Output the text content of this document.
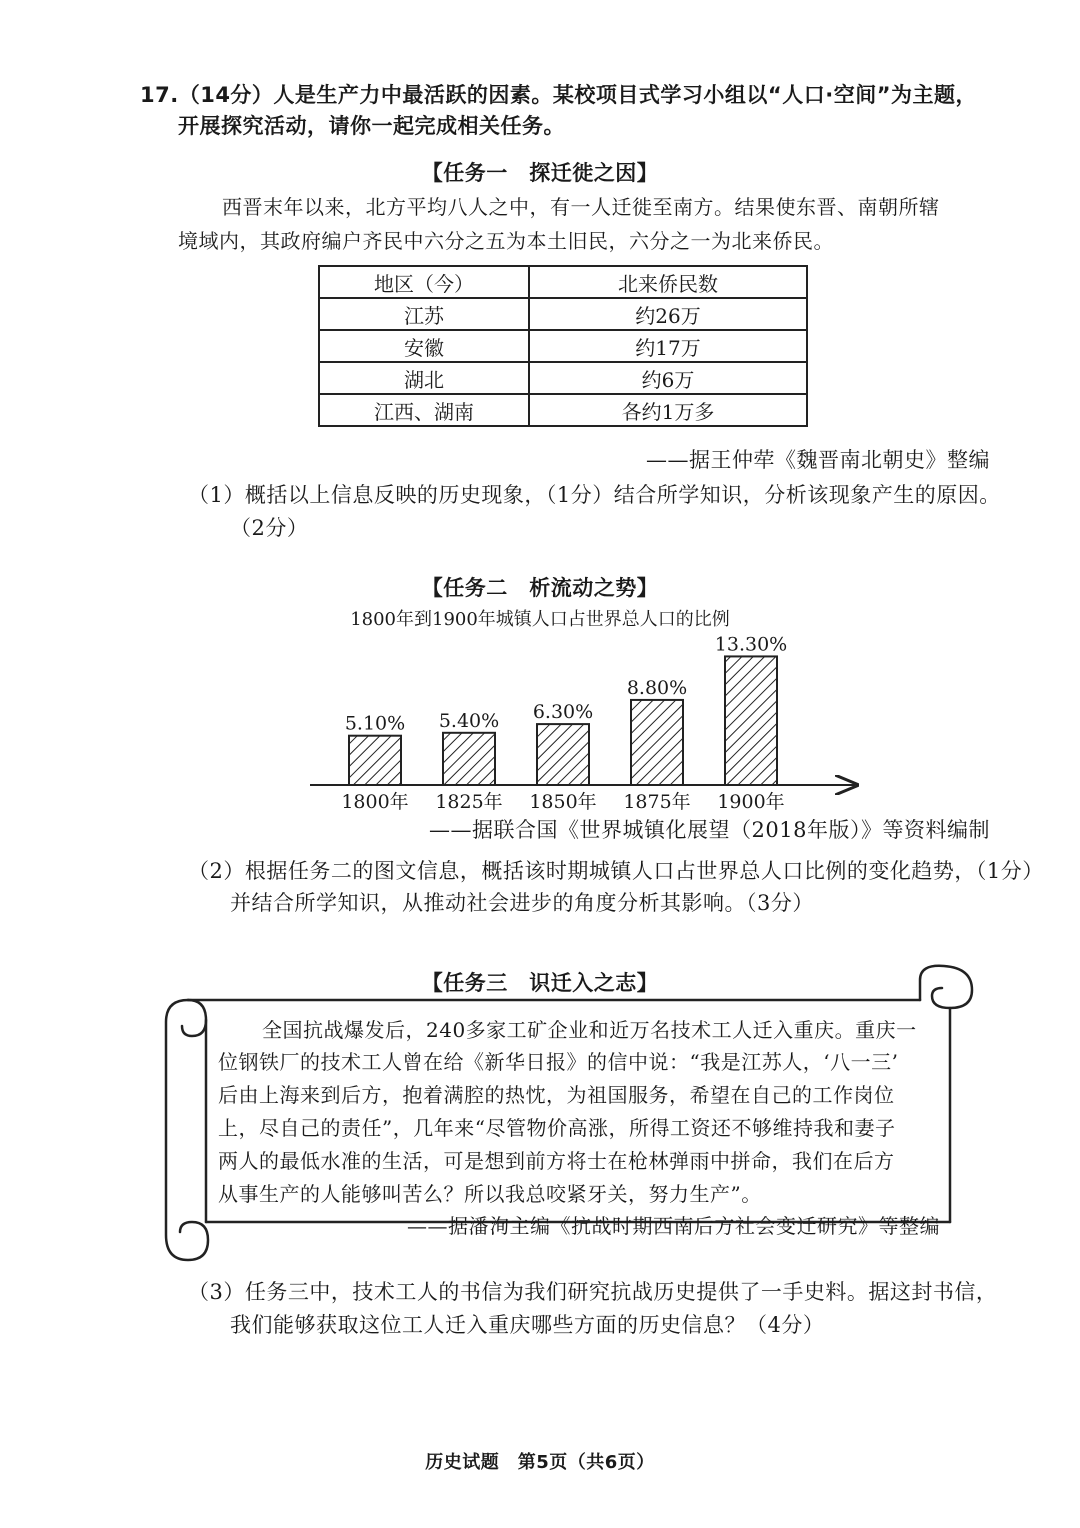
17.（14分）人是生产力中最活跃的因素。某校项目式学习小组以“人口·空间”为主题，
开展探究活动，请你一起完成相关任务。
【任务一　探迁徙之因】
西晋末年以来，北方平均八人之中，有一人迁徙至南方。结果使东晋、南朝所辖
境域内，其政府编户齐民中六分之五为本土旧民，六分之一为北来侨民。
地区（今）	北来侨民数
江苏	约26万
安徽	约17万
湖北	约6万
江西、湖南	各约1万多
——据王仲荦《魏晋南北朝史》整编
（1）概括以上信息反映的历史现象，（1分）结合所学知识，分析该现象产生的原因。
（2分）
【任务二　析流动之势】
1800年到1900年城镇人口占世界总人口的比例
5.10%
1800年
5.40%
1825年
6.30%
1850年
8.80%
1875年
13.30%
1900年
——据联合国《世界城镇化展望（2018年版）》等资料编制
（2）根据任务二的图文信息，概括该时期城镇人口占世界总人口比例的变化趋势，（1分）
并结合所学知识，从推动社会进步的角度分析其影响。（3分）
【任务三　识迁入之志】
全国抗战爆发后，240多家工矿企业和近万名技术工人迁入重庆。重庆一
位钢铁厂的技术工人曾在给《新华日报》的信中说：“我是江苏人，‘八一三’
后由上海来到后方，抱着满腔的热忱，为祖国服务，希望在自己的工作岗位
上，尽自己的责任”，几年来“尽管物价高涨，所得工资还不够维持我和妻子
两人的最低水准的生活，可是想到前方将士在枪林弹雨中拼命，我们在后方
从事生产的人能够叫苦么？所以我总咬紧牙关，努力生产”。
——据潘洵主编《抗战时期西南后方社会变迁研究》等整编
（3）任务三中，技术工人的书信为我们研究抗战历史提供了一手史料。据这封书信，
我们能够获取这位工人迁入重庆哪些方面的历史信息？（4分）
历史试题　第5页（共6页）
